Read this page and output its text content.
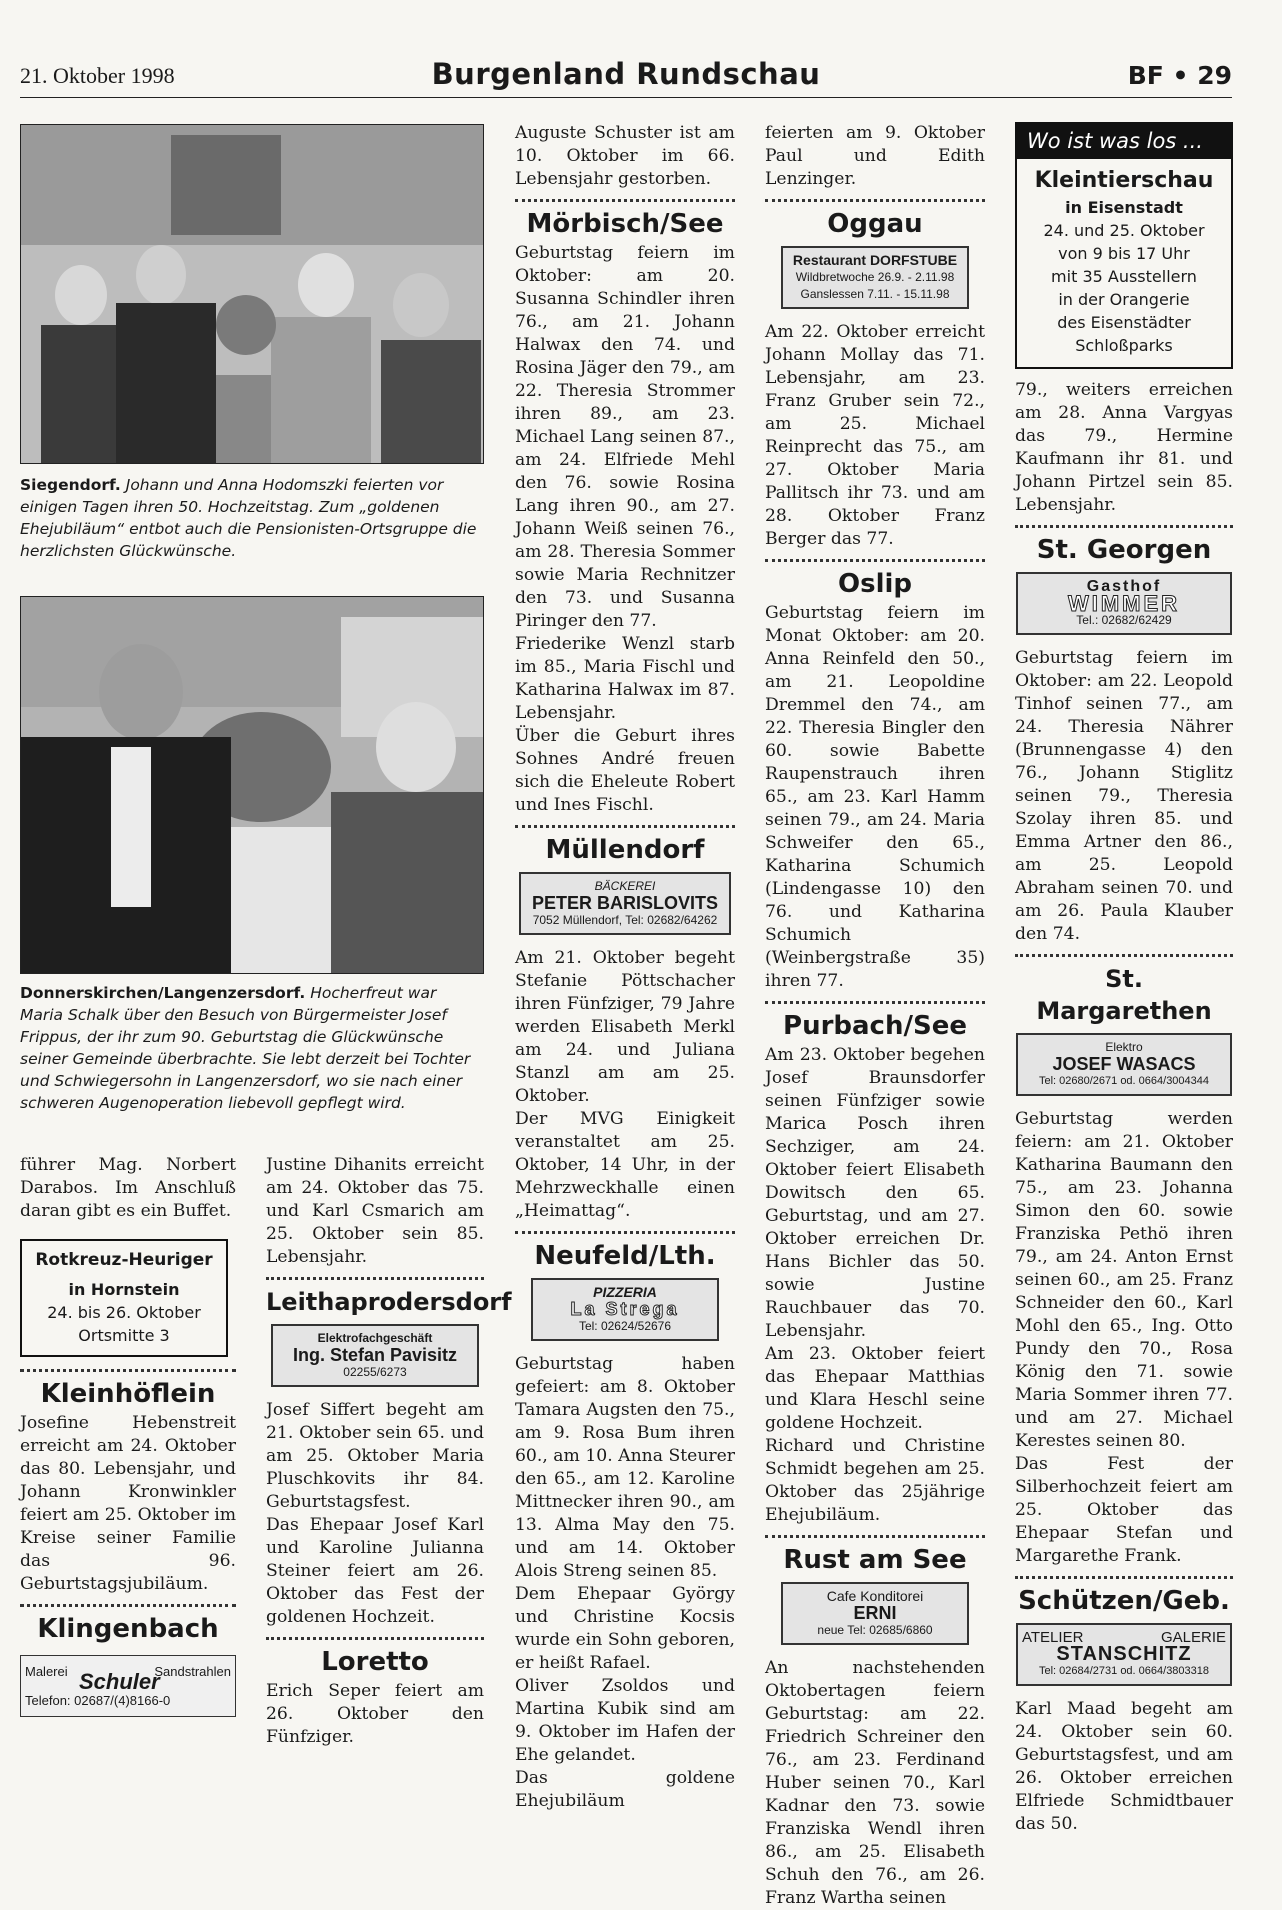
21. Oktober 1998	Burgenland Rundschau	BF • 29
Siegendorf. Johann und Anna Hodomszki feierten vor einigen Tagen ihren 50. Hochzeitstag. Zum „goldenen Ehejubiläum“ entbot auch die Pensionisten-Ortsgruppe die herzlichsten Glückwünsche.
Donnerskirchen/Langenzersdorf. Hocherfreut war Maria Schalk über den Besuch von Bürgermeister Josef Frippus, der ihr zum 90. Geburtstag die Glückwünsche seiner Gemeinde überbrachte. Sie lebt derzeit bei Tochter und Schwiegersohn in Langenzersdorf, wo sie nach einer schweren Augenoperation liebevoll gepflegt wird.

führer Mag. Norbert Darabos. Im Anschluß daran gibt es ein Buffet.

Rotkreuz-Heuriger
in Hornstein
24. bis 26. Oktober
Ortsmitte 3
Kleinhöflein

Josefine Hebenstreit erreicht am 24. Oktober das 80. Lebensjahr, und Johann Kronwinkler feiert am 25. Oktober im Kreise seiner Familie das 96. Geburtstagsjubiläum.

Klingenbach
Malerei	Sandstrahlen
Schuler
Telefon: 02687/(4)8166-0

Justine Dihanits erreicht am 24. Oktober das 75. und Karl Csmarich am 25. Oktober sein 85. Lebensjahr.

Leithaprodersdorf
Elektrofachgeschäft
Ing. Stefan Pavisitz
02255/6273

Josef Siffert begeht am 21. Oktober sein 65. und am 25. Oktober Maria Pluschkovits ihr 84. Geburtstagsfest.

Das Ehepaar Josef Karl und Karoline Julianna Steiner feiert am 26. Oktober das Fest der goldenen Hochzeit.

Loretto

Erich Seper feiert am 26. Oktober den Fünfziger.

Auguste Schuster ist am 10. Oktober im 66. Lebensjahr gestorben.

Mörbisch/See

Geburtstag feiern im Oktober: am 20. Susanna Schindler ihren 76., am 21. Johann Halwax den 74. und Rosina Jäger den 79., am 22. Theresia Strommer ihren 89., am 23. Michael Lang seinen 87., am 24. Elfriede Mehl den 76. sowie Rosina Lang ihren 90., am 27. Johann Weiß seinen 76., am 28. Theresia Sommer sowie Maria Rechnitzer den 73. und Susanna Piringer den 77.

Friederike Wenzl starb im 85., Maria Fischl und Katharina Halwax im 87. Lebensjahr.

Über die Geburt ihres Sohnes André freuen sich die Eheleute Robert und Ines Fischl.

Müllendorf
BÄCKEREI
PETER BARISLOVITS
7052 Müllendorf, Tel: 02682/64262

Am 21. Oktober begeht Stefanie Pöttschacher ihren Fünfziger, 79 Jahre werden Elisabeth Merkl am 24. und Juliana Stanzl am am 25. Oktober.

Der MVG Einigkeit veranstaltet am 25. Oktober, 14 Uhr, in der Mehrzweckhalle einen „Heimattag“.

Neufeld/Lth.
PIZZERIA
La Strega
Tel: 02624/52676

Geburtstag haben gefeiert: am 8. Oktober Tamara Augsten den 75., am 9. Rosa Bum ihren 60., am 10. Anna Steurer den 65., am 12. Karoline Mittnecker ihren 90., am 13. Alma May den 75. und am 14. Oktober Alois Streng seinen 85.

Dem Ehepaar György und Christine Kocsis wurde ein Sohn geboren, er heißt Rafael.

Oliver Zsoldos und Martina Kubik sind am 9. Oktober im Hafen der Ehe gelandet.

Das goldene Ehejubiläum

feierten am 9. Oktober Paul und Edith Lenzinger.

Oggau
Restaurant DORFSTUBE
Wildbretwoche 26.9. - 2.11.98
Ganslessen 7.11. - 15.11.98

Am 22. Oktober erreicht Johann Mollay das 71. Lebensjahr, am 23. Franz Gruber sein 72., am 25. Michael Reinprecht das 75., am 27. Oktober Maria Pallitsch ihr 73. und am 28. Oktober Franz Berger das 77.

Oslip

Geburtstag feiern im Monat Oktober: am 20. Anna Reinfeld den 50., am 21. Leopoldine Dremmel den 74., am 22. Theresia Bingler den 60. sowie Babette Raupenstrauch ihren 65., am 23. Karl Hamm seinen 79., am 24. Maria Schweifer den 65., Katharina Schumich (Lindengasse 10) den 76. und Katharina Schumich (Weinbergstraße 35) ihren 77.

Purbach/See

Am 23. Oktober begehen Josef Braunsdorfer seinen Fünfziger sowie Marica Posch ihren Sechziger, am 24. Oktober feiert Elisabeth Dowitsch den 65. Geburtstag, und am 27. Oktober erreichen Dr. Hans Bichler das 50. sowie Justine Rauchbauer das 70. Lebensjahr.

Am 23. Oktober feiert das Ehepaar Matthias und Klara Heschl seine goldene Hochzeit.

Richard und Christine Schmidt begehen am 25. Oktober das 25jährige Ehejubiläum.

Rust am See
Cafe Konditorei
ERNI
neue Tel: 02685/6860

An nachstehenden Oktobertagen feiern Geburtstag: am 22. Friedrich Schreiner den 76., am 23. Ferdinand Huber seinen 70., Karl Kadnar den 73. sowie Franziska Wendl ihren 86., am 25. Elisabeth Schuh den 76., am 26. Franz Wartha seinen

Wo ist was los ...
Kleintierschau
in Eisenstadt
24. und 25. Oktober
von 9 bis 17 Uhr
mit 35 Ausstellern
in der Orangerie
des Eisenstädter
Schloßparks

79., weiters erreichen am 28. Anna Vargyas das 79., Hermine Kaufmann ihr 81. und Johann Pirtzel sein 85. Lebensjahr.

St. Georgen
Gasthof
WIMMER
Tel.: 02682/62429

Geburtstag feiern im Oktober: am 22. Leopold Tinhof seinen 77., am 24. Theresia Nährer (Brunnengasse 4) den 76., Johann Stiglitz seinen 79., Theresia Szolay ihren 85. und Emma Artner den 86., am 25. Leopold Abraham seinen 70. und am 26. Paula Klauber den 74.

St. Margarethen
Elektro
JOSEF WASACS
Tel: 02680/2671 od. 0664/3004344

Geburtstag werden feiern: am 21. Oktober Katharina Baumann den 75., am 23. Johanna Simon den 60. sowie Franziska Pethö ihren 79., am 24. Anton Ernst seinen 60., am 25. Franz Schneider den 60., Karl Mohl den 65., Ing. Otto Pundy den 70., Rosa König den 71. sowie Maria Sommer ihren 77. und am 27. Michael Kerestes seinen 80.

Das Fest der Silberhochzeit feiert am 25. Oktober das Ehepaar Stefan und Margarethe Frank.

Schützen/Geb.
ATELIER	GALERIE
STANSCHITZ
Tel: 02684/2731 od. 0664/3803318

Karl Maad begeht am 24. Oktober sein 60. Geburtstagsfest, und am 26. Oktober erreichen Elfriede Schmidtbauer das 50.
